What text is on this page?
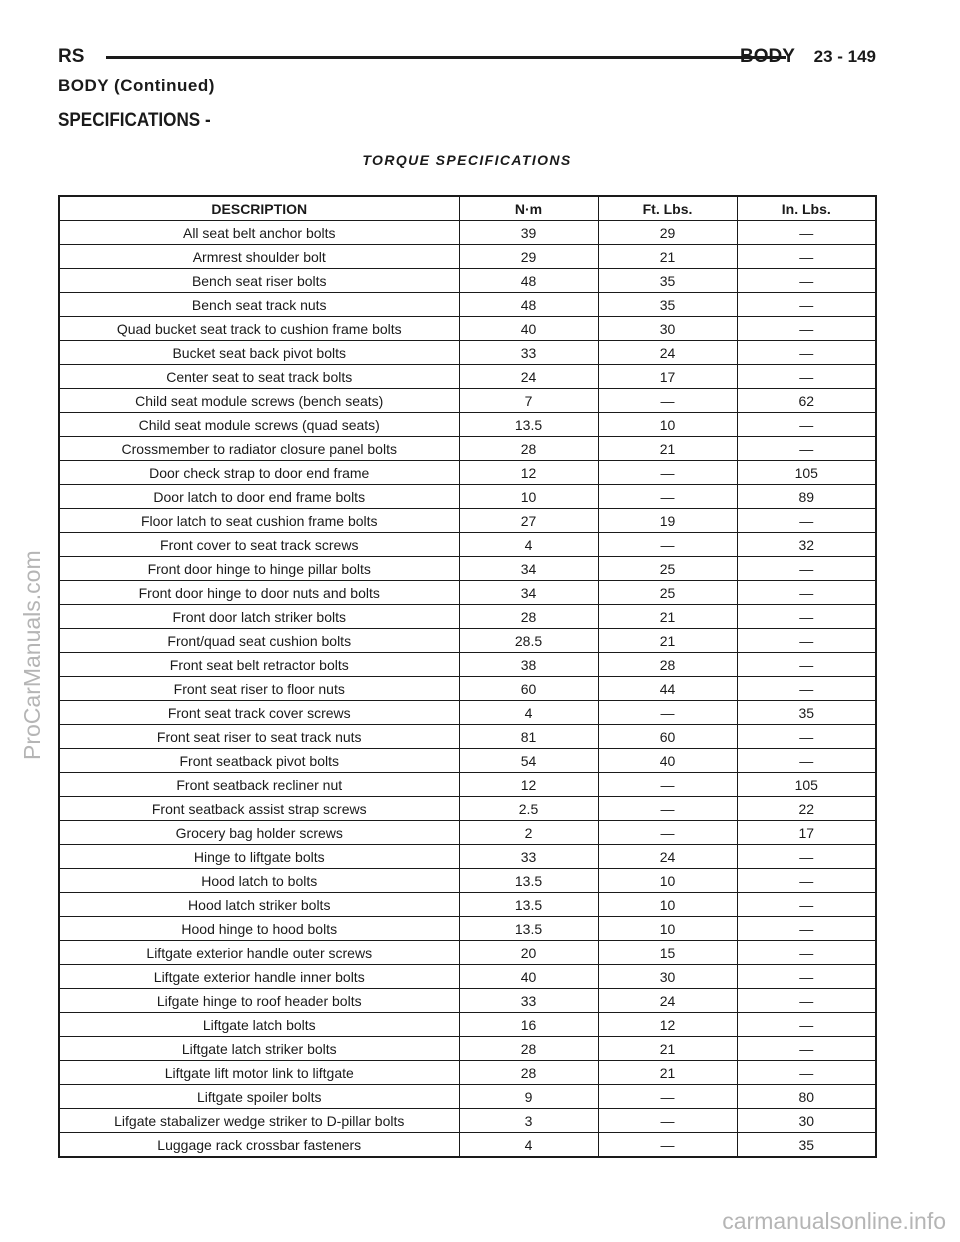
RS	BODY 23 - 149
BODY (Continued)
SPECIFICATIONS -
TORQUE SPECIFICATIONS
DESCRIPTION	N·m	Ft. Lbs.	In. Lbs.
All seat belt anchor bolts	39	29	—
Armrest shoulder bolt	29	21	—
Bench seat riser bolts	48	35	—
Bench seat track nuts	48	35	—
Quad bucket seat track to cushion frame bolts	40	30	—
Bucket seat back pivot bolts	33	24	—
Center seat to seat track bolts	24	17	—
Child seat module screws (bench seats)	7	—	62
Child seat module screws (quad seats)	13.5	10	—
Crossmember to radiator closure panel bolts	28	21	—
Door check strap to door end frame	12	—	105
Door latch to door end frame bolts	10	—	89
Floor latch to seat cushion frame bolts	27	19	—
Front cover to seat track screws	4	—	32
Front door hinge to hinge pillar bolts	34	25	—
Front door hinge to door nuts and bolts	34	25	—
Front door latch striker bolts	28	21	—
Front/quad seat cushion bolts	28.5	21	—
Front seat belt retractor bolts	38	28	—
Front seat riser to floor nuts	60	44	—
Front seat track cover screws	4	—	35
Front seat riser to seat track nuts	81	60	—
Front seatback pivot bolts	54	40	—
Front seatback recliner nut	12	—	105
Front seatback assist strap screws	2.5	—	22
Grocery bag holder screws	2	—	17
Hinge to liftgate bolts	33	24	—
Hood latch to bolts	13.5	10	—
Hood latch striker bolts	13.5	10	—
Hood hinge to hood bolts	13.5	10	—
Liftgate exterior handle outer screws	20	15	—
Liftgate exterior handle inner bolts	40	30	—
Lifgate hinge to roof header bolts	33	24	—
Liftgate latch bolts	16	12	—
Liftgate latch striker bolts	28	21	—
Liftgate lift motor link to liftgate	28	21	—
Liftgate spoiler bolts	9	—	80
Lifgate stabalizer wedge striker to D-pillar bolts	3	—	30
Luggage rack crossbar fasteners	4	—	35
ProCarManuals.com
carmanualsonline.info
